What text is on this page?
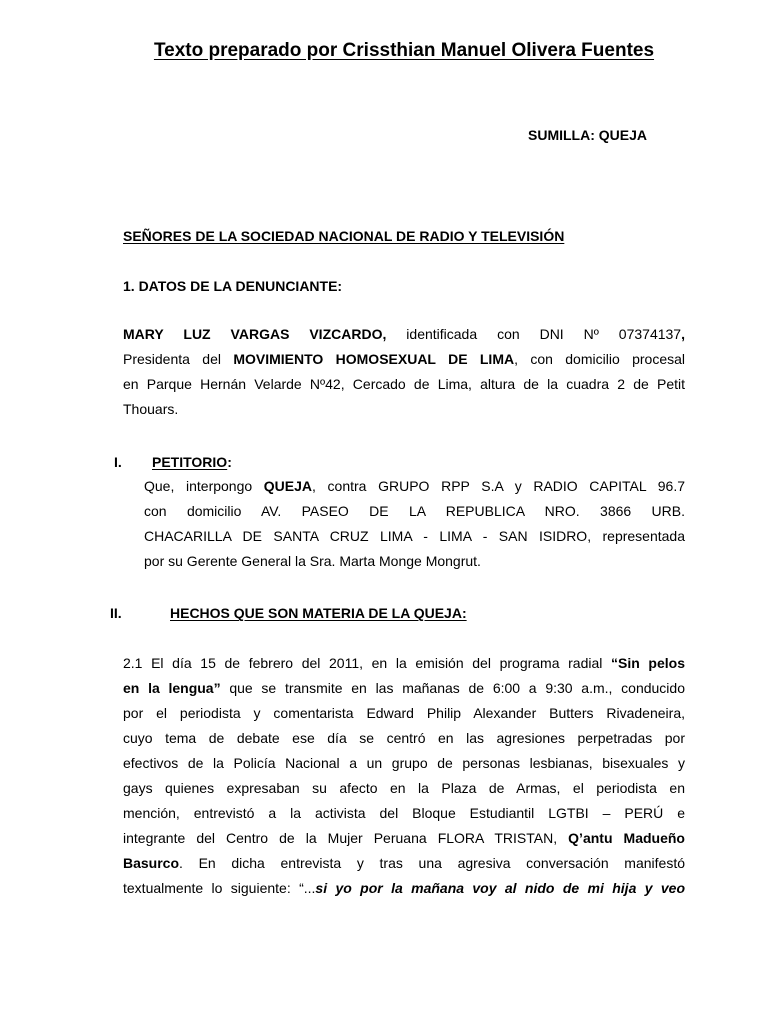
Texto preparado por Crissthian Manuel Olivera Fuentes
SUMILLA: QUEJA
SEÑORES DE LA SOCIEDAD NACIONAL DE RADIO Y TELEVISIÓN
1. DATOS DE LA DENUNCIANTE:
MARY LUZ VARGAS VIZCARDO, identificada con DNI Nº 07374137,
Presidenta del MOVIMIENTO HOMOSEXUAL DE LIMA, con domicilio procesal
en Parque Hernán Velarde Nº42, Cercado de Lima, altura de la cuadra 2 de Petit
Thouars.
I. PETITORIO:
Que, interpongo QUEJA, contra GRUPO RPP S.A y RADIO CAPITAL 96.7
con domicilio AV. PASEO DE LA REPUBLICA NRO. 3866 URB.
CHACARILLA DE SANTA CRUZ LIMA - LIMA - SAN ISIDRO, representada
por su Gerente General la Sra. Marta Monge Mongrut.
II.	HECHOS QUE SON MATERIA DE LA QUEJA:
2.1 El día 15 de febrero del 2011, en la emisión del programa radial “Sin pelos
en la lengua” que se transmite en las mañanas de 6:00 a 9:30 a.m., conducido
por el periodista y comentarista Edward Philip Alexander Butters Rivadeneira,
cuyo tema de debate ese día se centró en las agresiones perpetradas por
efectivos de la Policía Nacional a un grupo de personas lesbianas, bisexuales y
gays quienes expresaban su afecto en la Plaza de Armas, el periodista en
mención, entrevistó a la activista del Bloque Estudiantil LGTBI – PERÚ e
integrante del Centro de la Mujer Peruana FLORA TRISTAN, Q’antu Madueño
Basurco. En dicha entrevista y tras una agresiva conversación manifestó
textualmente lo siguiente: “...si yo por la mañana voy al nido de mi hija y veo
